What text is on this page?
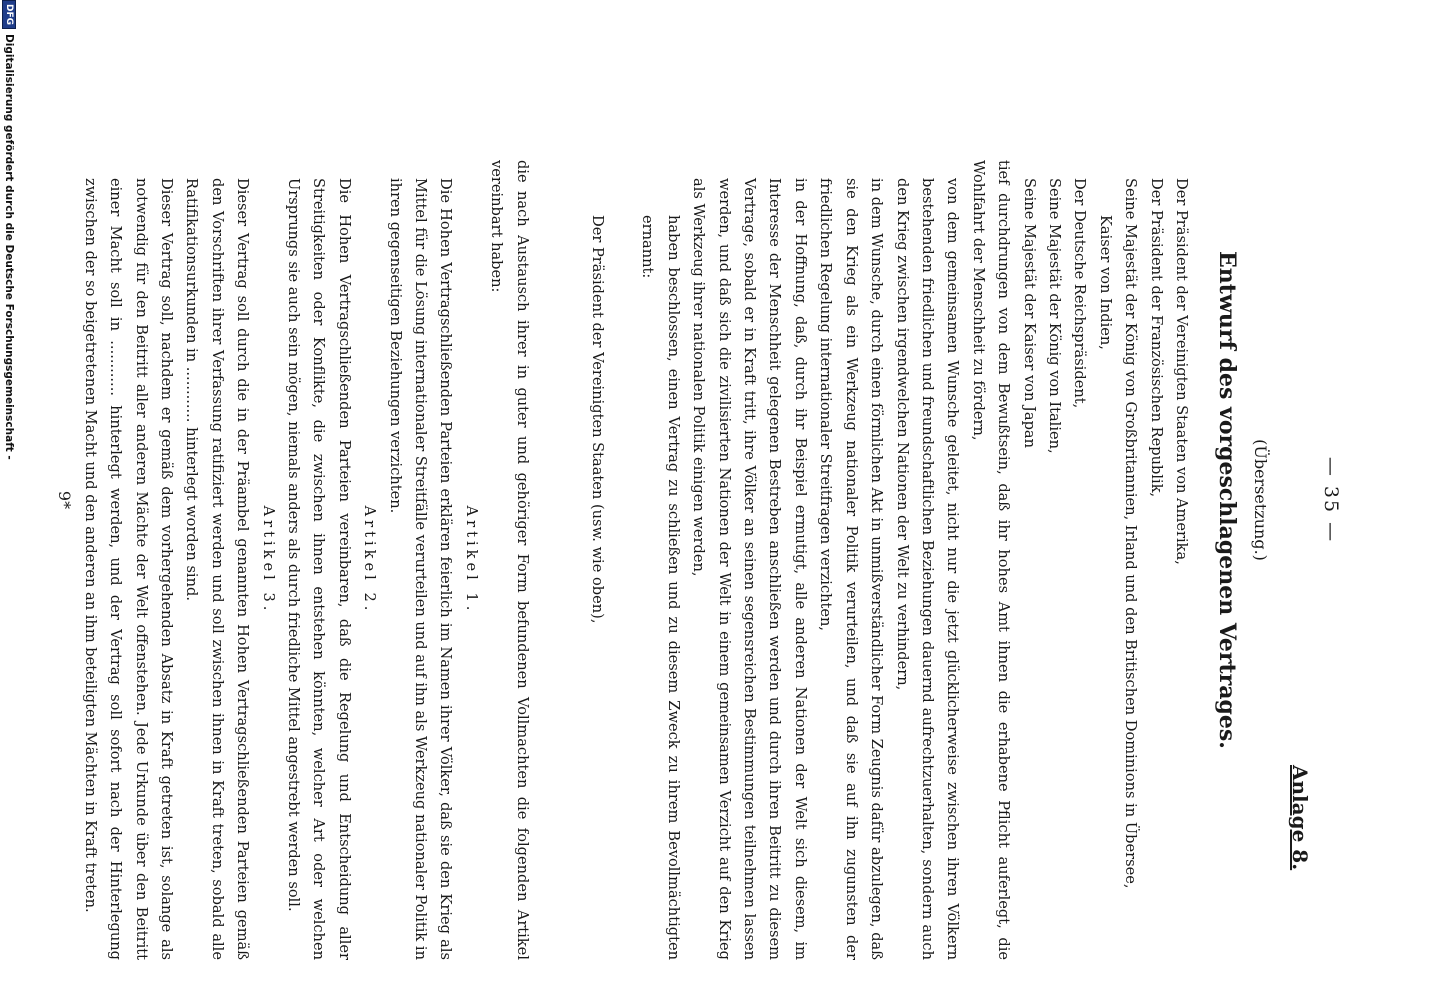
— 35 —
Anlage 8.
(Übersetzung.)
Entwurf des vorgeschlagenen Vertrages.

Der Präsident der Vereinigten Staaten von Amerika,

Der Präsident der Französischen Republik,

Seine Majestät der König von Großbritannien, Irland und den Britischen Dominions in Übersee,

Kaiser von Indien,

Der Deutsche Reichspräsident,

Seine Majestät der König von Italien,

Seine Majestät der Kaiser von Japan

tief durchdrungen von dem Bewußtsein, daß ihr hohes Amt ihnen die erhabene Pflicht auferlegt, die Wohlfahrt der Menschheit zu fördern,

von dem gemeinsamen Wunsche geleitet, nicht nur die jetzt glücklicherweise zwischen ihren Völkern bestehenden friedlichen und freundschaftlichen Beziehungen dauernd aufrechtzuerhalten, sondern auch den Krieg zwischen irgendwelchen Nationen der Welt zu verhindern,

in dem Wunsche, durch einen förmlichen Akt in unmißverständlicher Form Zeugnis dafür abzulegen, daß sie den Krieg als ein Werkzeug nationaler Politik verurteilen, und daß sie auf ihn zugunsten der friedlichen Regelung internationaler Streitfragen verzichten,

in der Hoffnung, daß, durch ihr Beispiel ermutigt, alle anderen Nationen der Welt sich diesem, im Interesse der Menschheit gelegenen Bestreben anschließen werden und durch ihren Beitritt zu diesem Vertrage, sobald er in Kraft tritt, ihre Völker an seinen segensreichen Bestimmungen teilnehmen lassen werden, und daß sich die zivilisierten Nationen der Welt in einem gemeinsamen Verzicht auf den Krieg als Werkzeug ihrer nationalen Politik einigen werden,

haben beschlossen, einen Vertrag zu schließen und zu diesem Zweck zu ihrem Bevollmächtigten ernannt:

Der Präsident der Vereinigten Staaten (usw. wie oben),

die nach Austausch ihrer in guter und gehöriger Form befundenen Vollmachten die folgenden Artikel vereinbart haben:

Artikel 1.

Die Hohen Vertragschließenden Parteien erklären feierlich im Namen ihrer Völker, daß sie den Krieg als Mittel für die Lösung internationaler Streitfälle verurteilen und auf ihn als Werkzeug nationaler Politik in ihren gegenseitigen Beziehungen verzichten.

Artikel 2.

Die Hohen Vertragschließenden Parteien vereinbaren, daß die Regelung und Entscheidung aller Streitigkeiten oder Konflikte, die zwischen ihnen entstehen könnten, welcher Art oder welchen Ursprungs sie auch sein mögen, niemals anders als durch friedliche Mittel angestrebt werden soll.

Artikel 3.

Dieser Vertrag soll durch die in der Präambel genannten Hohen Vertragschließenden Parteien gemäß den Vorschriften ihrer Verfassung ratifiziert werden und soll zwischen ihnen in Kraft treten, sobald alle Ratifikationsurkunden in ............ hinterlegt worden sind.

Dieser Vertrag soll, nachdem er gemäß dem vorhergehenden Absatz in Kraft getreten ist, solange als notwendig für den Beitritt aller anderen Mächte der Welt offenstehen. Jede Urkunde über den Beitritt einer Macht soll in ............ hinterlegt werden, und der Vertrag soll sofort nach der Hinterlegung zwischen der so beigetretenen Macht und den anderen an ihm beteiligten Mächten in Kraft treten.

9*
DFG
Digitalisierung gefördert durch die Deutsche Forschungsgemeinschaft -
